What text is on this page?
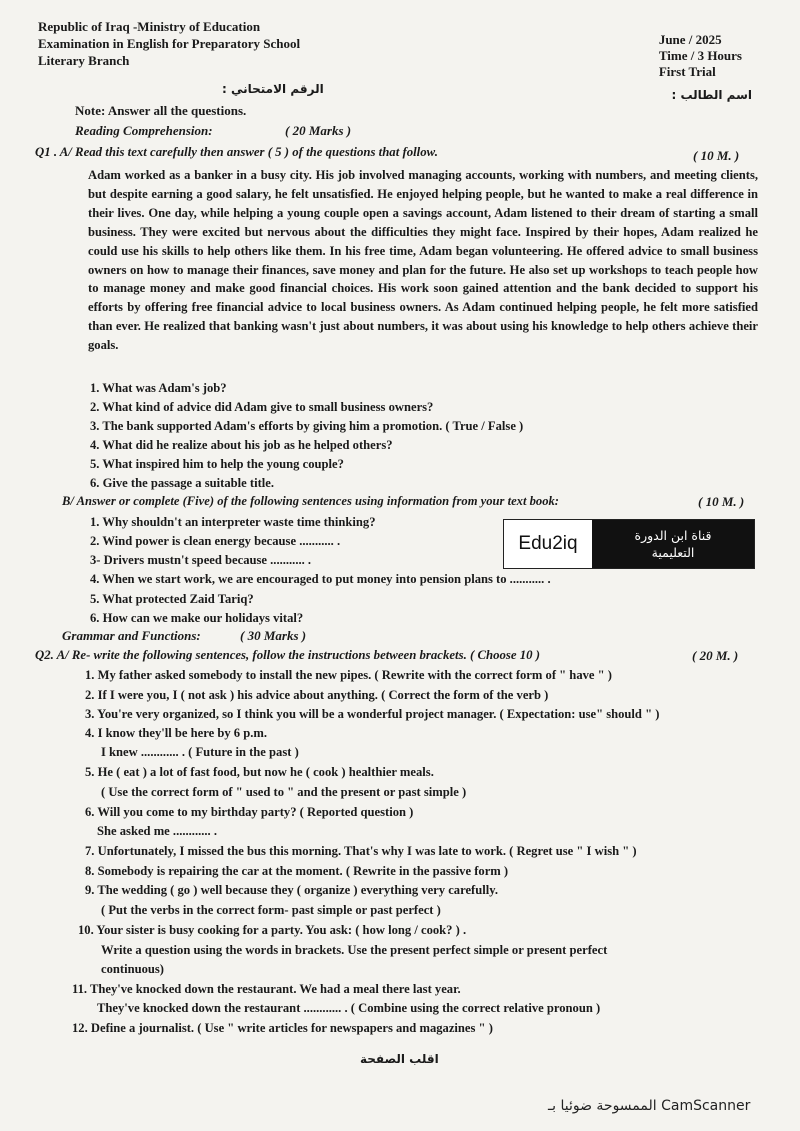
Republic of Iraq -Ministry of Education
Examination in English for Preparatory School
Literary Branch
June / 2025
Time / 3 Hours
First Trial
الرقم الامتحاني :	اسم الطالب :
Note: Answer all the questions.
Reading Comprehension:	( 20 Marks )
Q1 . A/ Read this text carefully then answer ( 5 ) of the questions that follow.	( 10 M. )
Adam worked as a banker in a busy city. His job involved managing accounts, working with numbers, and meeting clients, but despite earning a good salary, he felt unsatisfied. He enjoyed helping people, but he wanted to make a real difference in their lives. One day, while helping a young couple open a savings account, Adam listened to their dream of starting a small business. They were excited but nervous about the difficulties they might face. Inspired by their hopes, Adam realized he could use his skills to help others like them. In his free time, Adam began volunteering. He offered advice to small business owners on how to manage their finances, save money and plan for the future. He also set up workshops to teach people how to manage money and make good financial choices. His work soon gained attention and the bank decided to support his efforts by offering free financial advice to local business owners. As Adam continued helping people, he felt more satisfied than ever. He realized that banking wasn't just about numbers, it was about using his knowledge to help others achieve their goals.
1. What was Adam's job?
2. What kind of advice did Adam give to small business owners?
3. The bank supported Adam's efforts by giving him a promotion. ( True / False )
4. What did he realize about his job as he helped others?
5. What inspired him to help the young couple?
6. Give the passage a suitable title.
B/ Answer or complete (Five) of the following sentences using information from your text book:	( 10 M. )
1. Why shouldn't an interpreter waste time thinking?
2. Wind power is clean energy because ........... .
3- Drivers mustn't speed because ........... .
4. When we start work, we are encouraged to put money into pension plans to ........... .
5. What protected Zaid Tariq?
6. How can we make our holidays vital?
Edu2iq	قناة ابن الدورة
التعليمية
Grammar and Functions:	( 30 Marks )
Q2. A/ Re- write the following sentences, follow the instructions between brackets. ( Choose 10 )	( 20 M. )
1. My father asked somebody to install the new pipes. ( Rewrite with the correct form of " have " )
2. If I were you, I ( not ask ) his advice about anything. ( Correct the form of the verb )
3. You're very organized, so I think you will be a wonderful project manager. ( Expectation: use" should " )
4. I know they'll be here by 6 p.m.
I knew ............ . ( Future in the past )
5. He ( eat ) a lot of fast food, but now he ( cook ) healthier meals.
( Use the correct form of " used to " and the present or past simple )
6. Will you come to my birthday party? ( Reported question )
She asked me ............ .
7. Unfortunately, I missed the bus this morning. That's why I was late to work. ( Regret use " I wish " )
8. Somebody is repairing the car at the moment. ( Rewrite in the passive form )
9. The wedding ( go ) well because they ( organize ) everything very carefully.
( Put the verbs in the correct form- past simple or past perfect )
10. Your sister is busy cooking for a party. You ask: ( how long / cook? ) .
Write a question using the words in brackets. Use the present perfect simple or present perfect
continuous)
11. They've knocked down the restaurant. We had a meal there last year.
They've knocked down the restaurant ............ . ( Combine using the correct relative pronoun )
12. Define a journalist. ( Use " write articles for newspapers and magazines " )
اقلب الصفحة
الممسوحة ضوئيا بـ CamScanner
